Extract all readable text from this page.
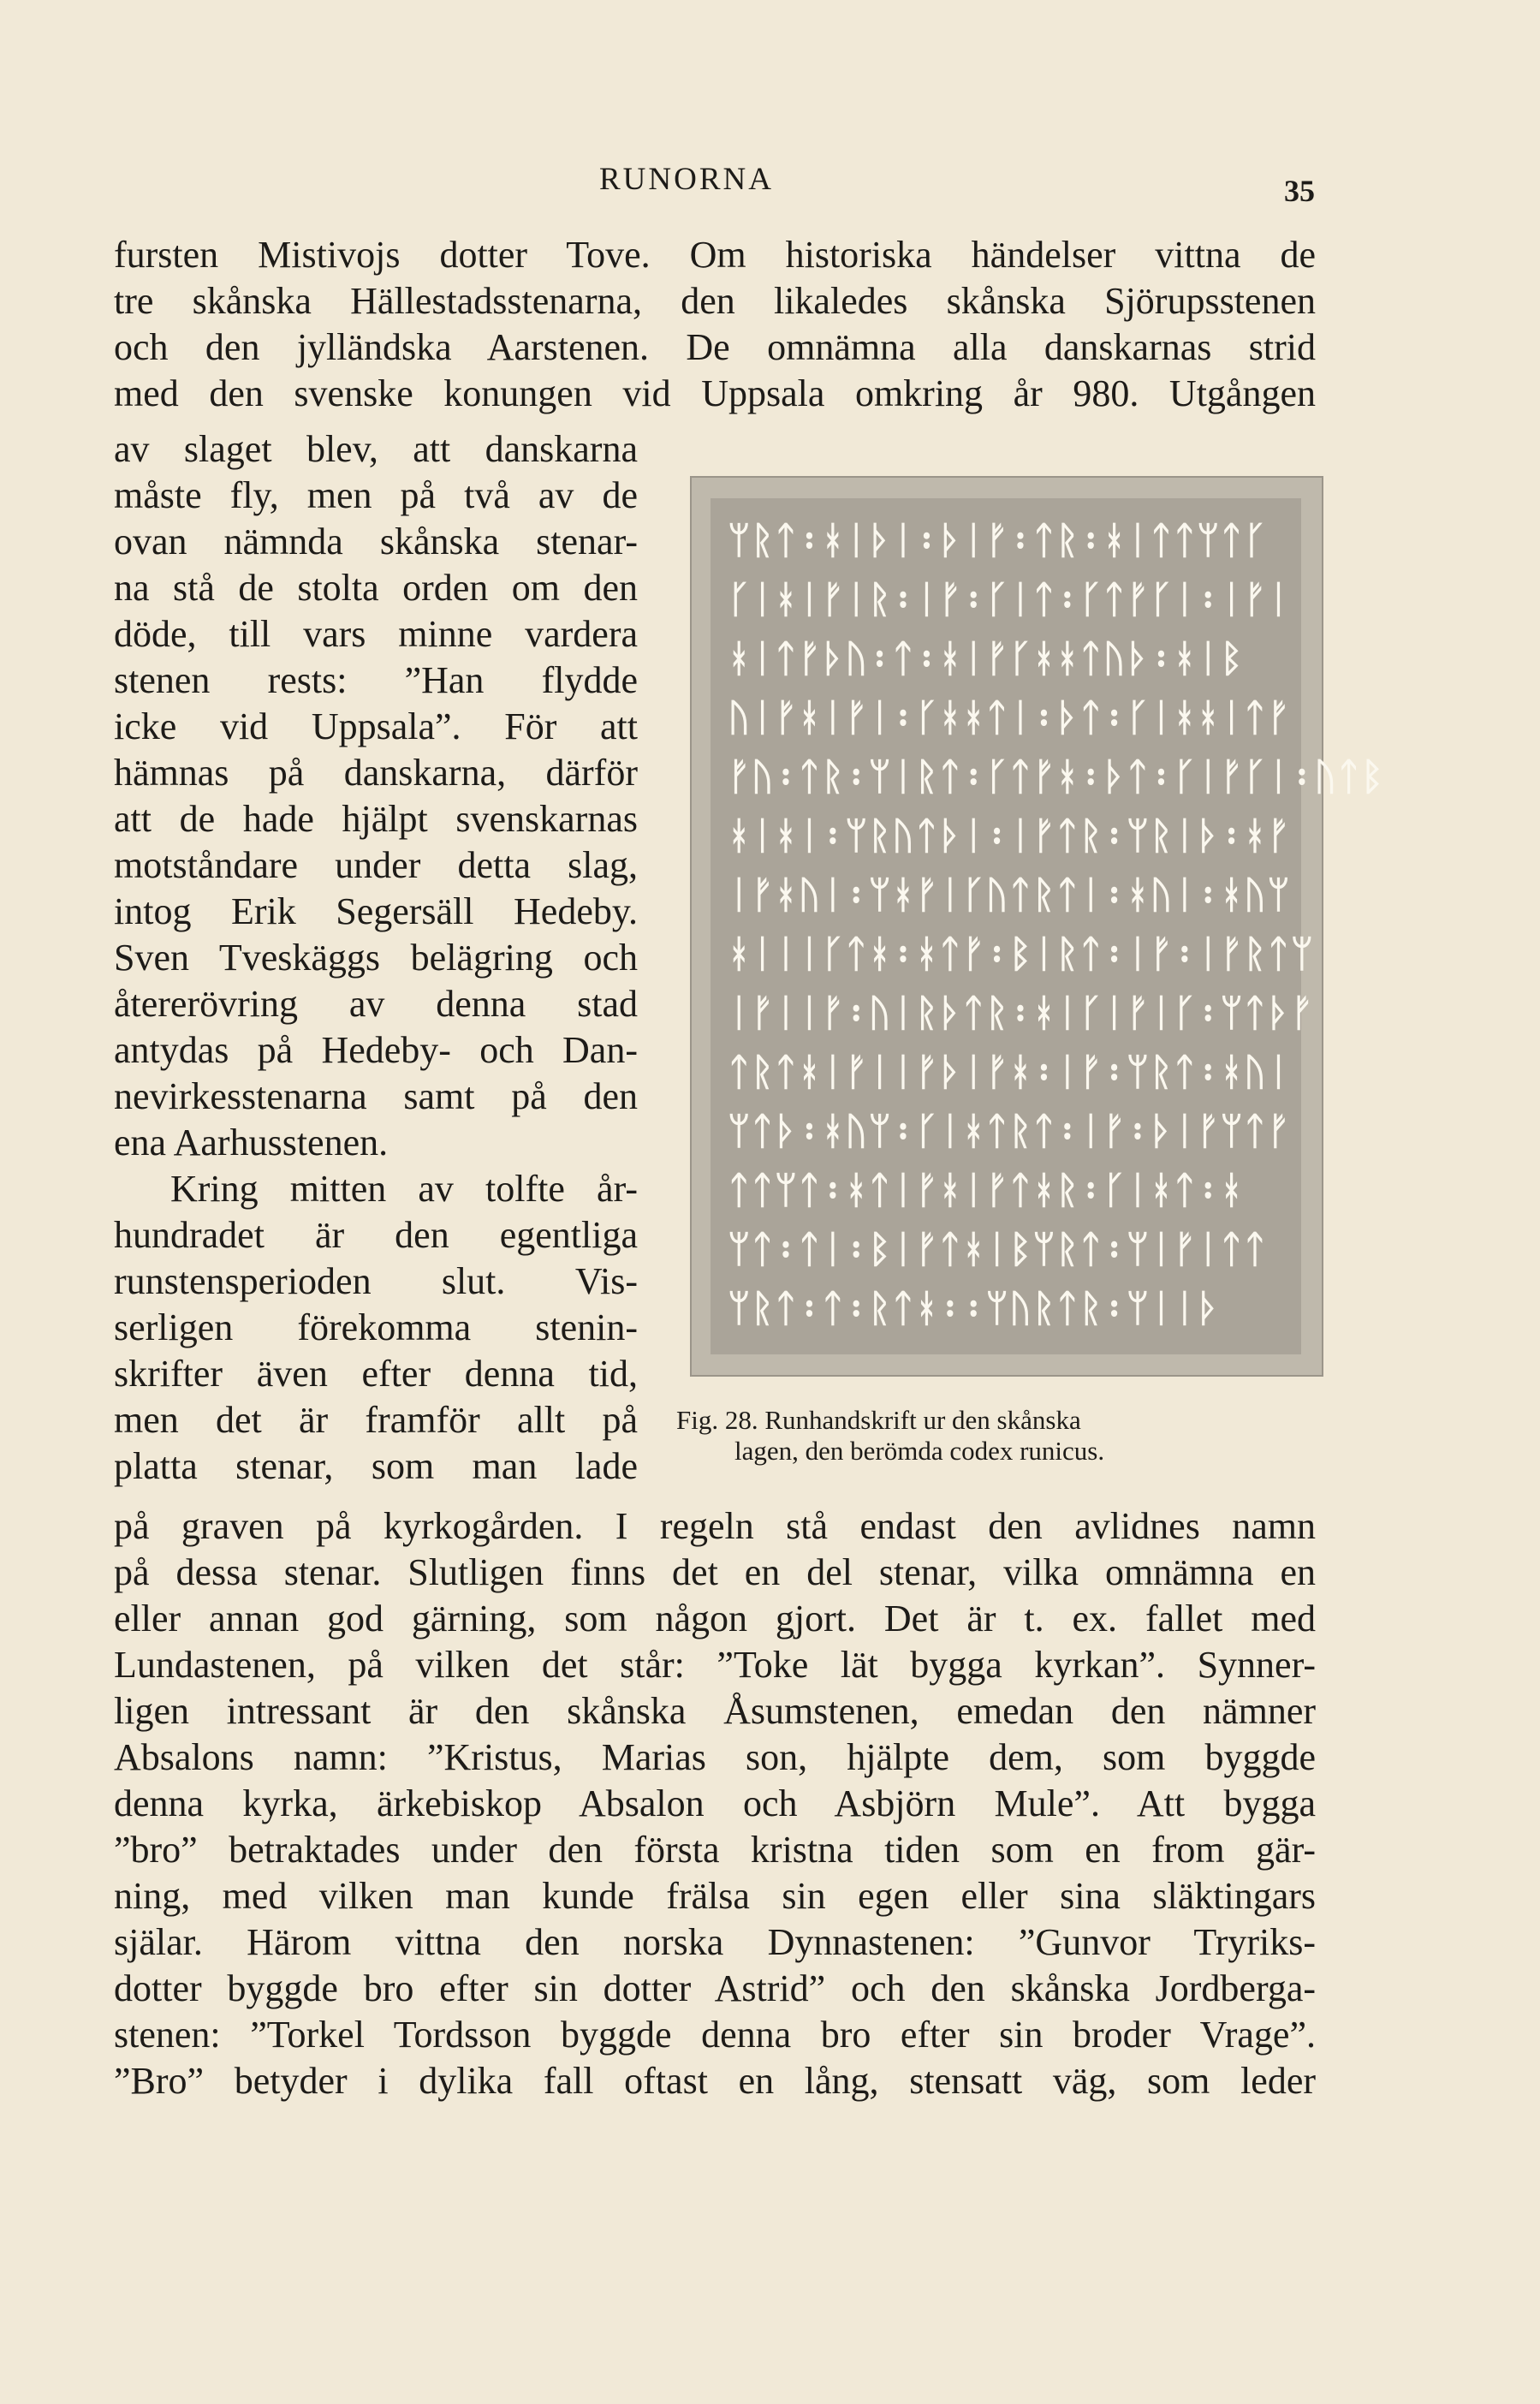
RUNORNA	35
fursten Mistivojs dotter Tove. Om historiska händelser vittna de
tre skånska Hällestadsstenarna, den likaledes skånska Sjörupsstenen
och den jylländska Aarstenen. De omnämna alla danskarnas strid
med den svenske konungen vid Uppsala omkring år 980. Utgången
av slaget blev, att danskarna
måste fly, men på två av de
ovan nämnda skånska stenar-
na stå de stolta orden om den
döde, till vars minne vardera
stenen rests: ”Han flydde
icke vid Uppsala”. För att
hämnas på danskarna, därför
att de hade hjälpt svenskarnas
motståndare under detta slag,
intog Erik Segersäll Hedeby.
Sven Tveskäggs belägring och
återerövring av denna stad
antydas på Hedeby- och Dan-
nevirkesstenarna samt på den
ena Aarhusstenen.
Kring mitten av tolfte år-
hundradet är den egentliga
runstensperioden slut. Vis-
serligen förekomma stenin-
skrifter även efter denna tid,
men det är framför allt på
platta stenar, som man lade
på graven på kyrkogården. I regeln stå endast den avlidnes namn
på dessa stenar. Slutligen finns det en del stenar, vilka omnämna en
eller annan god gärning, som någon gjort. Det är t. ex. fallet med
Lundastenen, på vilken det står: ”Toke lät bygga kyrkan”. Synner-
ligen intressant är den skånska Åsumstenen, emedan den nämner
Absalons namn: ”Kristus, Marias son, hjälpte dem, som byggde
denna kyrka, ärkebiskop Absalon och Asbjörn Mule”. Att bygga
”bro” betraktades under den första kristna tiden som en from gär-
ning, med vilken man kunde frälsa sin egen eller sina släktingars
själar. Härom vittna den norska Dynnastenen: ”Gunvor Tryriks-
dotter byggde bro efter sin dotter Astrid” och den skånska Jordberga-
stenen: ”Torkel Tordsson byggde denna bro efter sin broder Vrage”.
”Bro” betyder i dylika fall oftast en lång, stensatt väg, som leder
ᛘᚱᛏ᛬ᚼᛁᚦᛁ᛬ᚦᛁᚠ᛬ᛏᚱ᛬ᚼᛁᛏᛏᛘᛏᚴ
ᚴᛁᚼᛁᚠᛁᚱ᛬ᛁᚠ᛬ᚴᛁᛏ᛬ᚴᛏᚠᚴᛁ᛬ᛁᚠᛁ
ᚼᛁᛏᚠᚦᚢ᛬ᛏ᛬ᚼᛁᚠᚴᚼᚼᛏᚢᚦ᛬ᚼᛁᛒ
ᚢᛁᚠᚼᛁᚠᛁ᛬ᚴᚼᚼᛏᛁ᛬ᚦᛏ᛬ᚴᛁᚼᚼᛁᛏᚠ
ᚠᚢ᛬ᛏᚱ᛬ᛘᛁᚱᛏ᛬ᚴᛏᚠᚼ᛬ᚦᛏ᛬ᚴᛁᚠᚴᛁ᛬ᚢᛏᛒ
ᚼᛁᚼᛁ᛬ᛘᚱᚢᛏᚦᛁ᛬ᛁᚠᛏᚱ᛬ᛘᚱᛁᚦ᛬ᚼᚠ
ᛁᚠᚼᚢᛁ᛬ᛘᚼᚠᛁᚴᚢᛏᚱᛏᛁ᛬ᚼᚢᛁ᛬ᚼᚢᛘ
ᚼᛁᛁᛁᚴᛏᚼ᛬ᚼᛏᚠ᛬ᛒᛁᚱᛏ᛬ᛁᚠ᛬ᛁᚠᚱᛏᛘ
ᛁᚠᛁᛁᚠ᛬ᚢᛁᚱᚦᛏᚱ᛬ᚼᛁᚴᛁᚠᛁᚴ᛬ᛘᛏᚦᚠ
ᛏᚱᛏᚼᛁᚠᛁᛁᚠᚦᛁᚠᚼ᛬ᛁᚠ᛬ᛘᚱᛏ᛬ᚼᚢᛁ
ᛘᛏᚦ᛬ᚼᚢᛘ᛬ᚴᛁᚼᛏᚱᛏ᛬ᛁᚠ᛬ᚦᛁᚠᛘᛏᚠ
ᛏᛏᛘᛏ᛬ᚼᛏᛁᚠᚼᛁᚠᛏᚼᚱ᛬ᚴᛁᚼᛏ᛬ᚼ
ᛘᛏ᛬ᛏᛁ᛬ᛒᛁᚠᛏᚼᛁᛒᛘᚱᛏ᛬ᛘᛁᚠᛁᛏᛏ
ᛘᚱᛏ᛬ᛏ᛬ᚱᛏᚼ᛬᛬ᛘᚢᚱᛏᚱ᛬ᛘᛁᛁᚦ
Fig. 28. Runhandskrift ur den skånska
lagen, den berömda codex runicus.
